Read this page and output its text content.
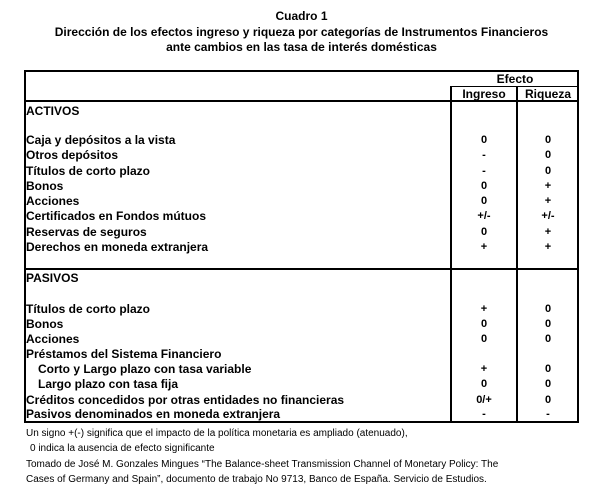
Cuadro 1
Dirección de los efectos ingreso y riqueza por categorías de Instrumentos Financieros
ante cambios en las tasa de interés domésticas
Efecto
Ingreso	Riqueza
ACTIVOS
Caja y depósitos a la vista	0	0
Otros depósitos	-	0
Títulos de corto plazo	-	0
Bonos	0	+
Acciones	0	+
Certificados en Fondos mútuos	+/-	+/-
Reservas de seguros	0	+
Derechos en moneda extranjera	+	+
PASIVOS
Títulos de corto plazo	+	0
Bonos	0	0
Acciones	0	0
Préstamos del Sistema Financiero
Corto y Largo plazo con tasa variable	+	0
Largo plazo con tasa fija	0	0
Créditos concedidos por otras entidades no financieras	0/+	0
Pasivos denominados en moneda extranjera	-	-
Un signo +(-) significa que el impacto de la política monetaria es ampliado (atenuado),
0 indica la ausencia de efecto significante
Tomado de José M. Gonzales Mingues “The Balance-sheet Transmission Channel of Monetary Policy: The
Cases of Germany and Spain”, documento de trabajo No 9713, Banco de España. Servicio de Estudios.
